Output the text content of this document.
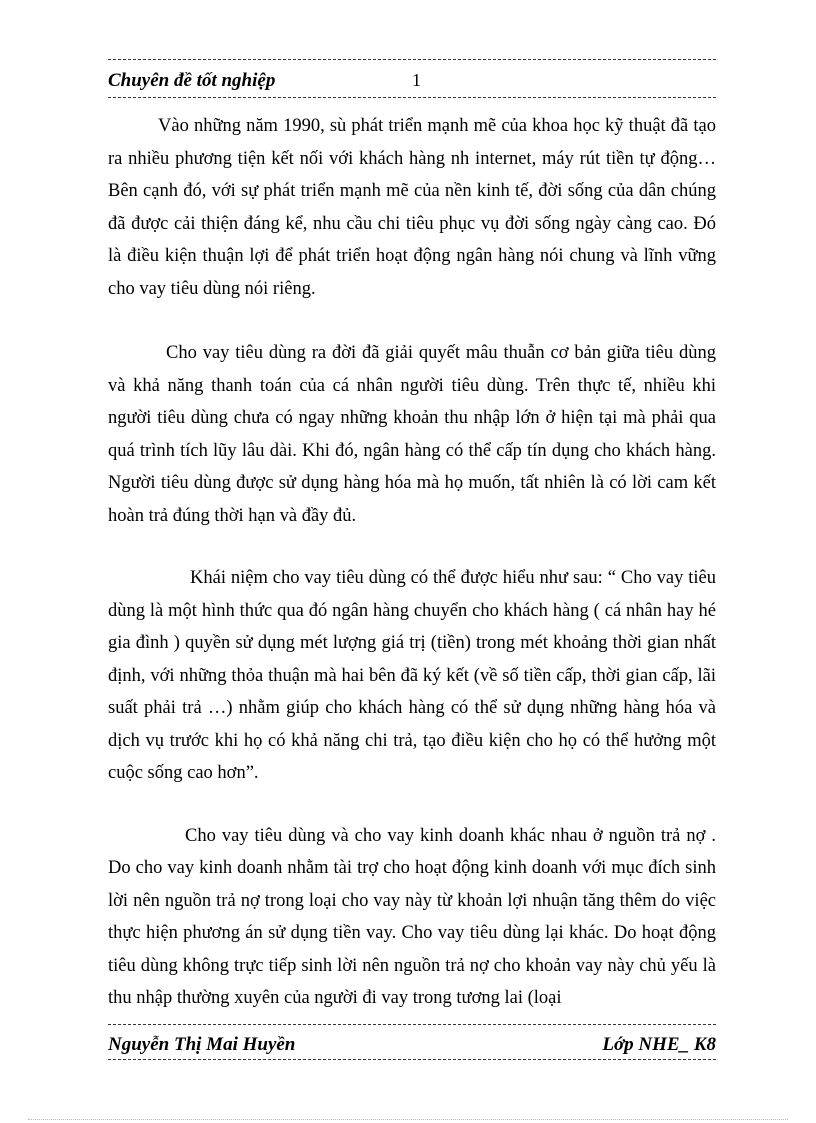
Chuyên đề tốt nghiệp	1

Vào những năm 1990, sù phát triển mạnh mẽ của khoa học kỹ thuật đã tạo ra nhiều phương tiện kết nối với khách hàng nh internet, máy rút tiền tự động… Bên cạnh đó, với sự phát triển mạnh mẽ của nền kinh tế, đời sống của dân chúng đã được cải thiện đáng kể, nhu cầu chi tiêu phục vụ đời sống ngày càng cao. Đó là điều kiện thuận lợi để phát triển hoạt động ngân hàng nói chung và lĩnh vững cho vay tiêu dùng nói riêng.

Cho vay tiêu dùng ra đời đã giải quyết mâu thuẫn cơ bản giữa tiêu dùng và khả năng thanh toán của cá nhân người tiêu dùng. Trên thực tế, nhiều khi người tiêu dùng chưa có ngay những khoản thu nhập lớn ở hiện tại mà phải qua quá trình tích lũy lâu dài. Khi đó, ngân hàng có thể cấp tín dụng cho khách hàng. Người tiêu dùng được sử dụng hàng hóa mà họ muốn, tất nhiên là có lời cam kết hoàn trả đúng thời hạn và đầy đủ.

Khái niệm cho vay tiêu dùng có thể được hiểu như sau: “ Cho vay tiêu dùng là một hình thức qua đó ngân hàng chuyển cho khách hàng ( cá nhân hay hé gia đình ) quyền sử dụng mét lượng giá trị (tiền) trong mét khoảng thời gian nhất định, với những thỏa thuận mà hai bên đã ký kết (về số tiền cấp, thời gian cấp, lãi suất phải trả …) nhằm giúp cho khách hàng có thể sử dụng những hàng hóa và dịch vụ trước khi họ có khả năng chi trả, tạo điều kiện cho họ có thể hưởng một cuộc sống cao hơn”.

Cho vay tiêu dùng và cho vay kinh doanh khác nhau ở nguồn trả nợ . Do cho vay kinh doanh nhằm tài trợ cho hoạt động kinh doanh với mục đích sinh lời nên nguồn trả nợ trong loại cho vay này từ khoản lợi nhuận tăng thêm do việc thực hiện phương án sử dụng tiền vay. Cho vay tiêu dùng lại khác. Do hoạt động tiêu dùng không trực tiếp sinh lời nên nguồn trả nợ cho khoản vay này chủ yếu là thu nhập thường xuyên của người đi vay trong tương lai (loại

Nguyễn Thị Mai Huyền	Lớp NHE_ K8
